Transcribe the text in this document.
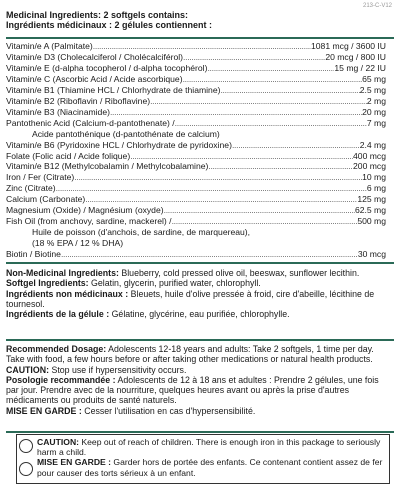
213-C-V12
Medicinal Ingredients: 2 softgels contains:
Ingrédients médicinaux : 2 gélules contiennent :
Vitamin/e A (Palmitate) .....	1081 mcg / 3600 IU
Vitamin/e D3 (Cholecalciferol / Cholécalciférol) .....	20 mcg / 800 IU
Vitamin/e E (d-alpha tocopherol / d-alpha tocophérol) .....	15 mg / 22 IU
Vitamin/e C (Ascorbic Acid / Acide ascorbique) .....	65 mg
Vitamin/e B1 (Thiamine HCL / Chlorhydrate de thiamine) .....	2.5 mg
Vitamin/e B2 (Riboflavin / Riboflavine) .....	2 mg
Vitamin/e B3 (Niacinamide) .....	20 mg
Pantothenic Acid (Calcium-d-pantothenate) / .....	7 mg
Acide pantothénique (d-pantothénate de calcium)
Vitamin/e B6 (Pyridoxine HCL / Chlorhydrate de pyridoxine) .....	2.4 mg
Folate (Folic acid / Acide folique) .....	400 mcg
Vitamin/e B12 (Methylcobalamin / Methylcobalamine) .....	200 mcg
Iron / Fer (Citrate) .....	10 mg
Zinc (Citrate) .....	6 mg
Calcium (Carbonate) .....	125 mg
Magnesium (Oxide) / Magnésium (oxyde) .....	62.5 mg
Fish Oil (from anchovy, sardine, mackerel) / .....	500 mg
Huile de poisson (d'anchois, de sardine, de marquereau),
(18 % EPA / 12 % DHA)
Biotin / Biotine .....	30 mcg
Non-Medicinal Ingredients: Blueberry, cold pressed olive oil, beeswax, sunflower lecithin.
Softgel Ingredients: Gelatin, glycerin, purified water, chlorophyll.
Ingrédients non médicinaux : Bleuets, huile d'olive pressée à froid, cire d'abeille, lécithine de tournesol.
Ingrédients de la gélule : Gélatine, glycérine, eau purifiée, chlorophylle.
Recommended Dosage: Adolescents 12-18 years and adults: Take 2 softgels, 1 time per day. Take with food, a few hours before or after taking other medications or natural health products.
CAUTION: Stop use if hypersensitivity occurs.
Posologie recommandée : Adolescents de 12 à 18 ans et adultes : Prendre 2 gélules, une fois par jour. Prendre avec de la nourriture, quelques heures avant ou après la prise d'autres médicaments ou produits de santé naturels.
MISE EN GARDE : Cesser l'utilisation en cas d'hypersensibilité.
CAUTION: Keep out of reach of children. There is enough iron in this package to seriously harm a child.
MISE EN GARDE : Garder hors de portée des enfants. Ce contenant contient assez de fer pour causer des torts sérieux à un enfant.
